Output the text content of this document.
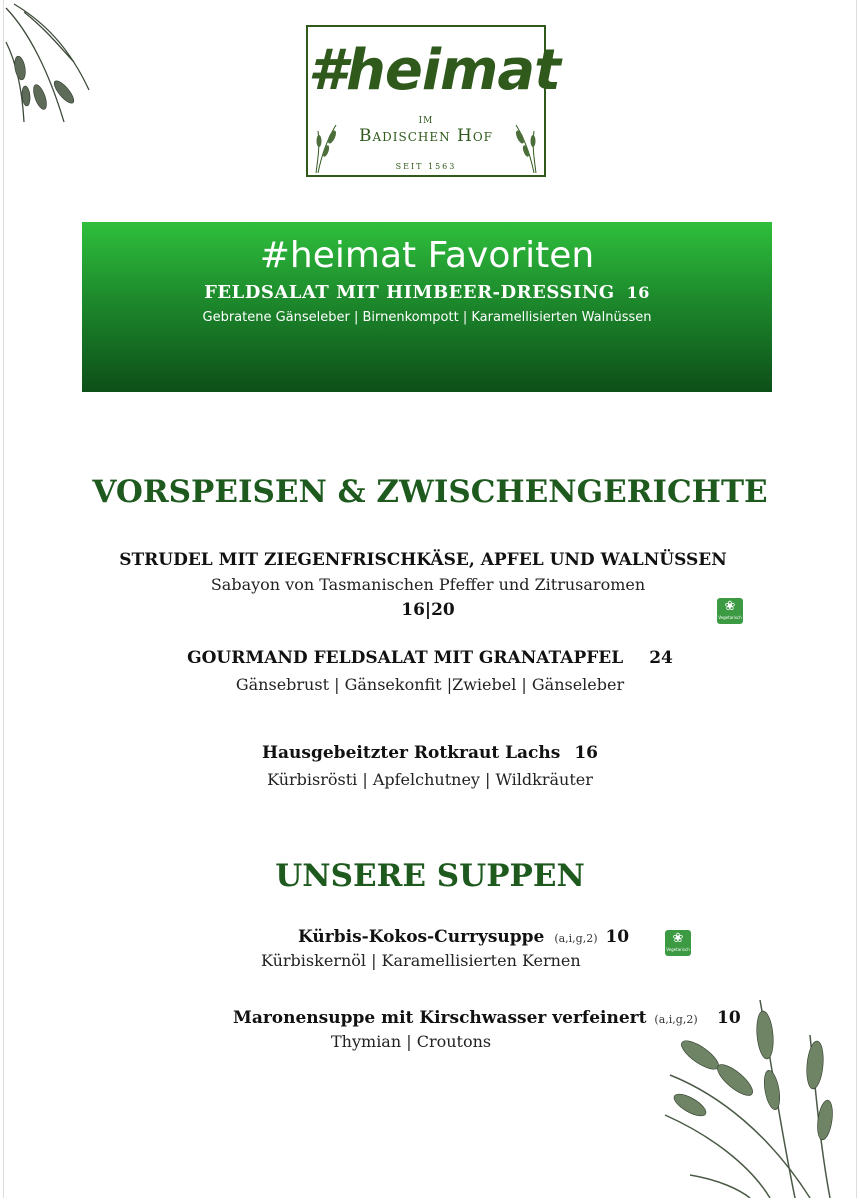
#heimat
IM
Badischen Hof
SEIT 1563
#heimat Favoriten
FELDSALAT MIT HIMBEER-DRESSING 16
Gebratene Gänseleber | Birnenkompott | Karamellisierten Walnüssen
VORSPEISEN & ZWISCHENGERICHTE
STRUDEL MIT ZIEGENFRISCHKÄSE, APFEL UND WALNÜSSEN
Sabayon von Tasmanischen Pfeffer und Zitrusaromen
16|20	❀
Vegetarisch
GOURMAND FELDSALAT MIT GRANATAPFEL 24
Gänsebrust | Gänsekonfit |Zwiebel | Gänseleber
Hausgebeitzter Rotkraut Lachs 16
Kürbisrösti | Apfelchutney | Wildkräuter
UNSERE SUPPEN
Kürbis-Kokos-Currysuppe (a,i,g,2) 10	❀
Vegetarisch
Kürbiskernöl | Karamellisierten Kernen
Maronensuppe mit Kirschwasser verfeinert (a,i,g,2) 10
Thymian | Croutons
